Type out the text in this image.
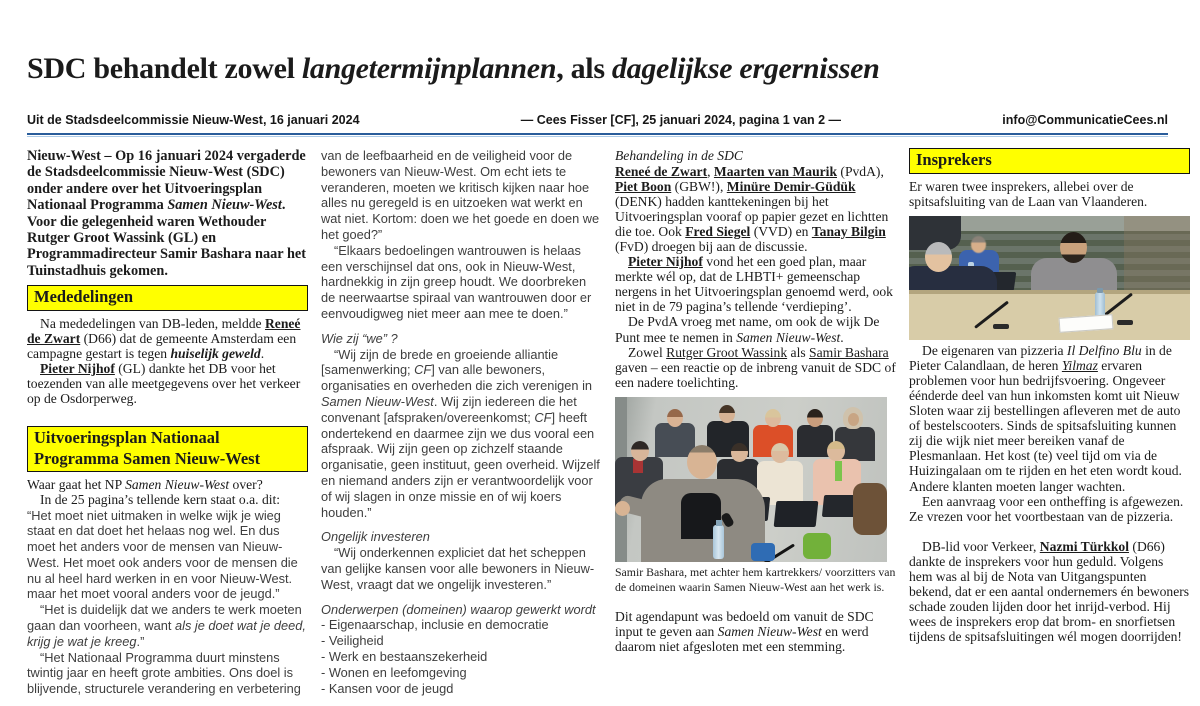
SDC behandelt zowel langetermijnplannen, als dagelijkse ergernissen
Uit de Stadsdeelcommissie Nieuw-West, 16 januari 2024	— Cees Fisser [CF], 25 januari 2024, pagina 1 van 2 —	info@CommunicatieCees.nl
Nieuw-West – Op 16 januari 2024 vergaderde de Stadsdeelcommissie Nieuw-West (SDC) onder andere over het Uitvoeringsplan Nationaal Programma Samen Nieuw-West. Voor die gelegenheid waren Wethouder Rutger Groot Wassink (GL) en Programmadirecteur Samir Bashara naar het Tuinstadhuis gekomen.
Mededelingen
Na mededelingen van DB-leden, meldde Reneé de Zwart (D66) dat de gemeente Amsterdam een campagne gestart is tegen huiselijk geweld.
Pieter Nijhof (GL) dankte het DB voor het toezenden van alle meetgegevens over het verkeer op de Osdorperweg.
Uitvoeringsplan Nationaal Programma Samen Nieuw-West
Waar gaat het NP Samen Nieuw-West over?
In de 25 pagina’s tellende kern staat o.a. dit:
“Het moet niet uitmaken in welke wijk je wieg staat en dat doet het helaas nog wel. En dus moet het anders voor de mensen van Nieuw-West. Het moet ook anders voor de mensen die nu al heel hard werken in en voor Nieuw-West. maar het moet vooral anders voor de jeugd.”
“Het is duidelijk dat we anders te werk moeten gaan dan voorheen, want als je doet wat je deed, krijg je wat je kreeg.”
“Het Nationaal Programma duurt minstens twintig jaar en heeft grote ambities. Ons doel is blijvende, structurele verandering en verbetering
van de leefbaarheid en de veiligheid voor de bewoners van Nieuw-West. Om echt iets te veranderen, moeten we kritisch kijken naar hoe alles nu geregeld is en uitzoeken wat werkt en wat niet. Kortom: doen we het goede en doen we het goed?”
“Elkaars bedoelingen wantrouwen is helaas een verschijnsel dat ons, ook in Nieuw-West, hardnekkig in zijn greep houdt. We doorbreken de neerwaartse spiraal van wantrouwen door er eenvoudigweg niet meer aan mee te doen.”
Wie zij “we” ?
“Wij zijn de brede en groeiende alliantie [samenwerking; CF] van alle bewoners, organisaties en overheden die zich verenigen in Samen Nieuw-West. Wij zijn iedereen die het convenant [afspraken/overeenkomst; CF] heeft ondertekend en daarmee zijn we dus vooral een afspraak. Wij zijn geen op zichzelf staande organisatie, geen instituut, geen overheid. Wijzelf en niemand anders zijn er verantwoordelijk voor of wij slagen in onze missie en of wij koers houden.”
Ongelijk investeren
“Wij onderkennen expliciet dat het scheppen van gelijke kansen voor alle bewoners in Nieuw-West, vraagt dat we ongelijk investeren.”
Onderwerpen (domeinen) waarop gewerkt wordt
- Eigenaarschap, inclusie en democratie
- Veiligheid
- Werk en bestaanszekerheid
- Wonen en leefomgeving
- Kansen voor de jeugd
Behandeling in de SDC
Reneé de Zwart, Maarten van Maurik (PvdA), Piet Boon (GBW!), Minüre Demir-Güdük (DENK) hadden kanttekeningen bij het Uitvoeringsplan vooraf op papier gezet en lichtten die toe. Ook Fred Siegel (VVD) en Tanay Bilgin (FvD) droegen bij aan de discussie.
Pieter Nijhof vond het een goed plan, maar merkte wél op, dat de LHBTI+ gemeenschap nergens in het Uitvoeringsplan genoemd werd, ook niet in de 79 pagina’s tellende ‘verdieping’.
De PvdA vroeg met name, om ook de wijk De Punt mee te nemen in Samen Nieuw-West.
Zowel Rutger Groot Wassink als Samir Bashara gaven – een reactie op de inbreng vanuit de SDC of een nadere toelichting.
Samir Bashara, met achter hem kartrekkers/ voorzitters van de domeinen waarin Samen Nieuw-West aan het werk is.
Dit agendapunt was bedoeld om vanuit de SDC input te geven aan Samen Nieuw-West en werd daarom niet afgesloten met een stemming.
Insprekers
Er waren twee insprekers, allebei over de spitsafsluiting van de Laan van Vlaanderen.
De eigenaren van pizzeria Il Delfino Blu in de Pieter Calandlaan, de heren Yilmaz ervaren problemen voor hun bedrijfsvoering. Ongeveer éénderde deel van hun inkomsten komt uit Nieuw Sloten waar zij bestellingen afleveren met de auto of bestelscooters. Sinds de spitsafsluiting kunnen zij die wijk niet meer bereiken vanaf de Plesmanlaan. Het kost (te) veel tijd om via de Huizingalaan om te rijden en het eten wordt koud. Andere klanten moeten langer wachten.
Een aanvraag voor een ontheffing is afgewezen. Ze vrezen voor het voortbestaan van de pizzeria.
DB-lid voor Verkeer, Nazmi Türkkol (D66) dankte de insprekers voor hun geduld. Volgens hem was al bij de Nota van Uitgangspunten bekend, dat er een aantal ondernemers én bewoners schade zouden lijden door het inrijd-verbod. Hij wees de insprekers erop dat brom- en snorfietsen tijdens de spitsafsluitingen wél mogen doorrijden!
